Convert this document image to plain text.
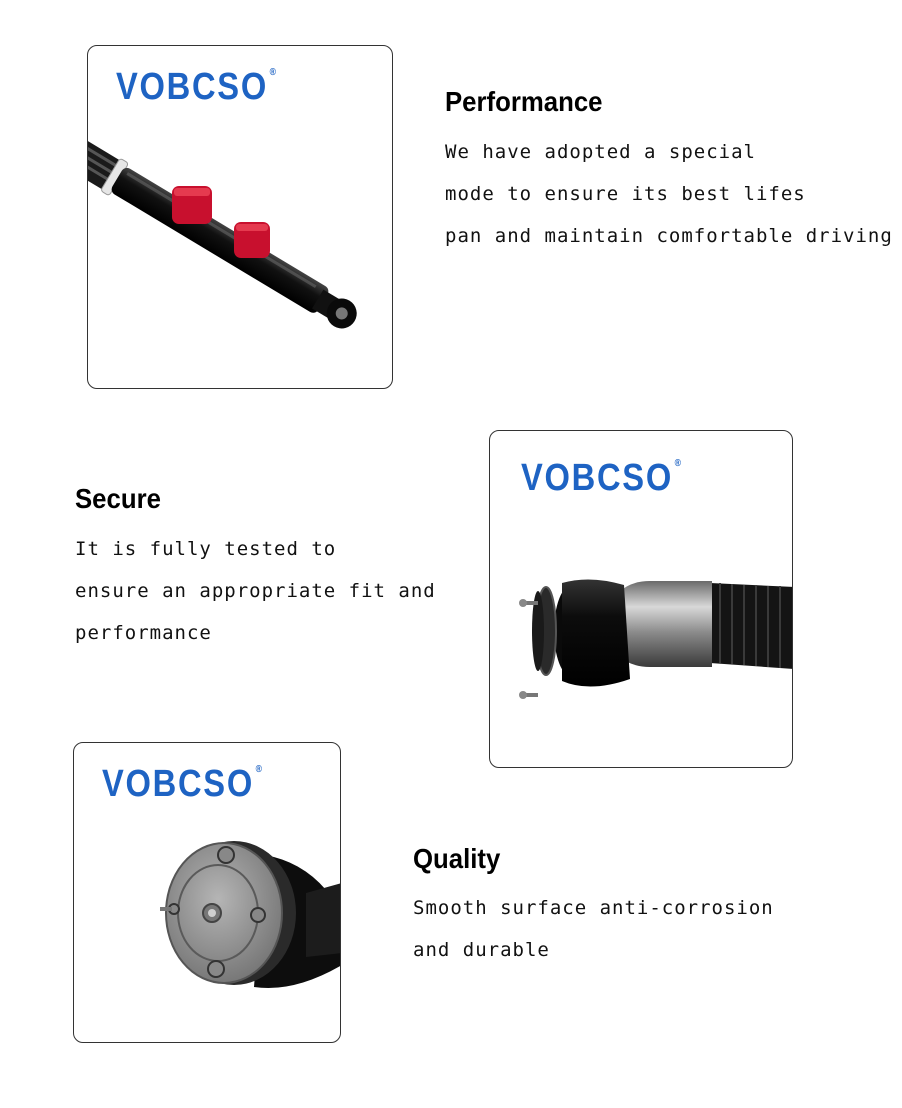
VOBCSO ®
Performance
We have adopted a special
mode to ensure its best lifes
pan and maintain comfortable driving
VOBCSO ®
Secure
It is fully tested to
ensure an appropriate fit and
performance
VOBCSO ®
Quality
Smooth surface anti-corrosion
and durable
